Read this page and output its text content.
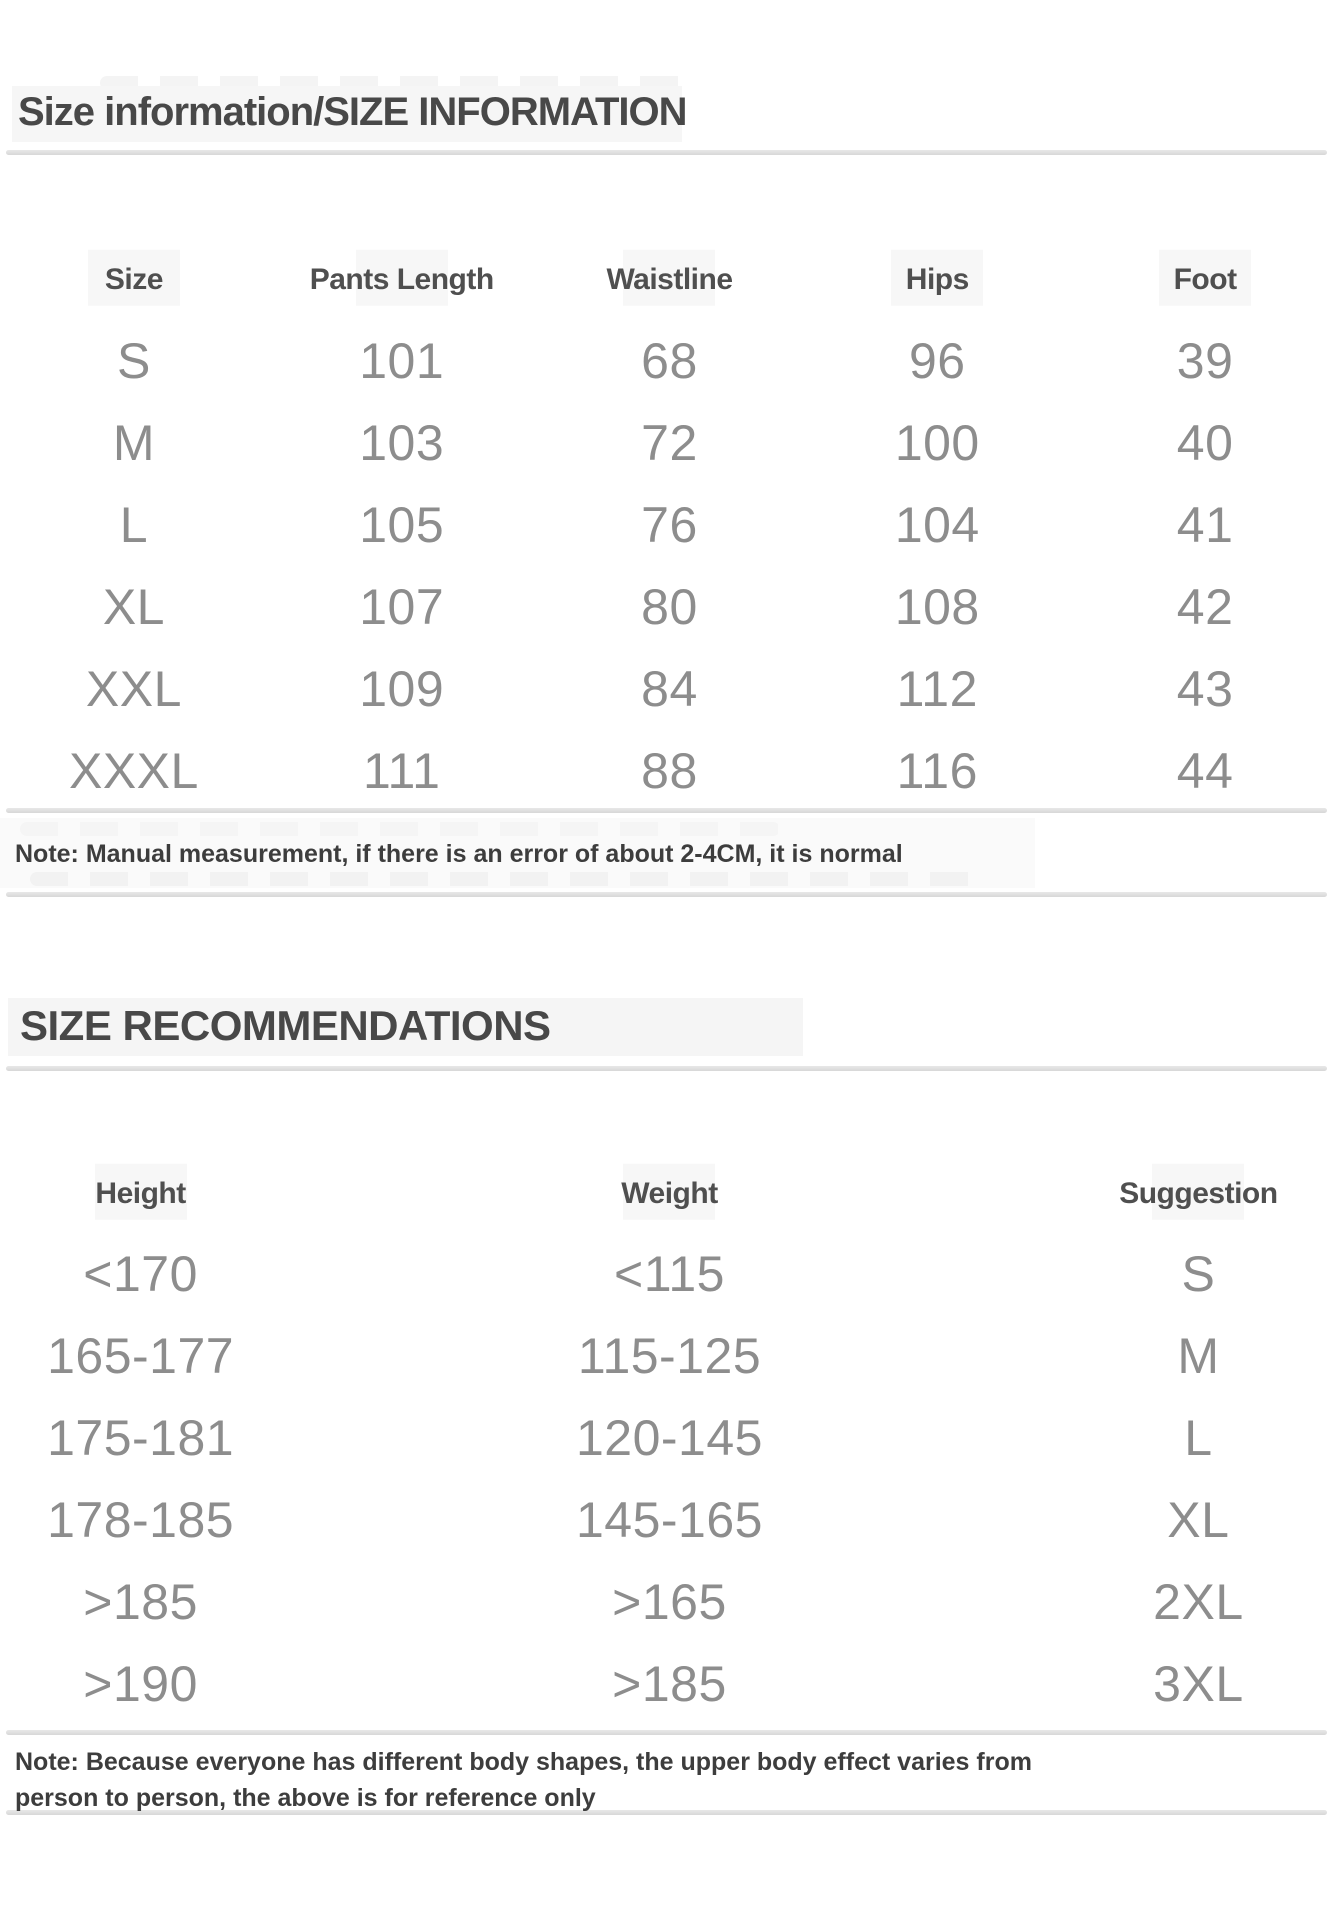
Size information/SIZE INFORMATION
Size	Pants Length	Waistline	Hips	Foot
S	101	68	96	39
M	103	72	100	40
L	105	76	104	41
XL	107	80	108	42
XXL	109	84	112	43
XXXL	111	88	116	44

Note: Manual measurement, if there is an error of about 2-4CM, it is normal

SIZE RECOMMENDATIONS
Height	Weight	Suggestion
<170	<115	S
165-177	115-125	M
175-181	120-145	L
178-185	145-165	XL
>185	>165	2XL
>190	>185	3XL

Note: Because everyone has different body shapes, the upper body effect varies from person to person, the above is for reference only
